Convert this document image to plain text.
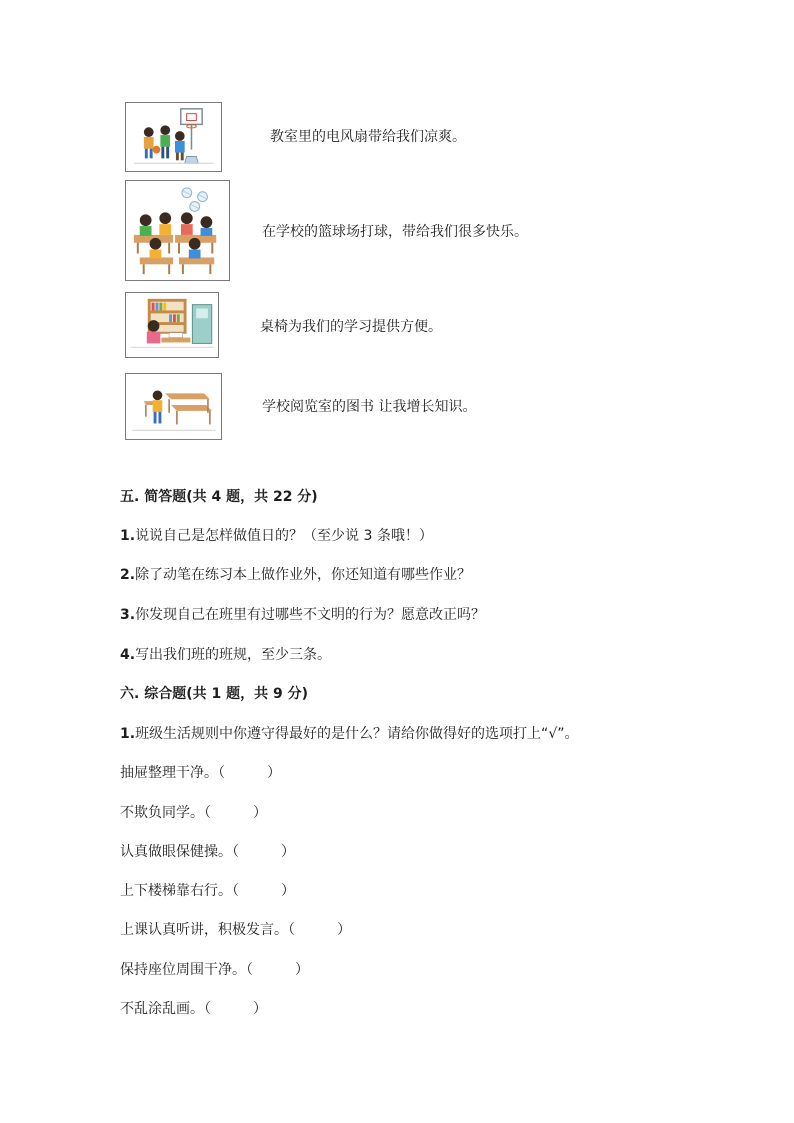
教室里的电风扇带给我们凉爽。
在学校的篮球场打球，带给我们很多快乐。
桌椅为我们的学习提供方便。
学校阅览室的图书 让我增长知识。
五. 简答题(共 4 题，共 22 分)
1.说说自己是怎样做值日的？（至少说 3 条哦！）
2.除了动笔在练习本上做作业外，你还知道有哪些作业？
3.你发现自己在班里有过哪些不文明的行为？愿意改正吗？
4.写出我们班的班规，至少三条。
六. 综合题(共 1 题，共 9 分)
1.班级生活规则中你遵守得最好的是什么？请给你做得好的选项打上“√”。
抽屉整理干净。（　　　）
不欺负同学。（　　　）
认真做眼保健操。（　　　）
上下楼梯靠右行。（　　　）
上课认真听讲，积极发言。（　　　）
保持座位周围干净。（　　　）
不乱涂乱画。（　　　）
